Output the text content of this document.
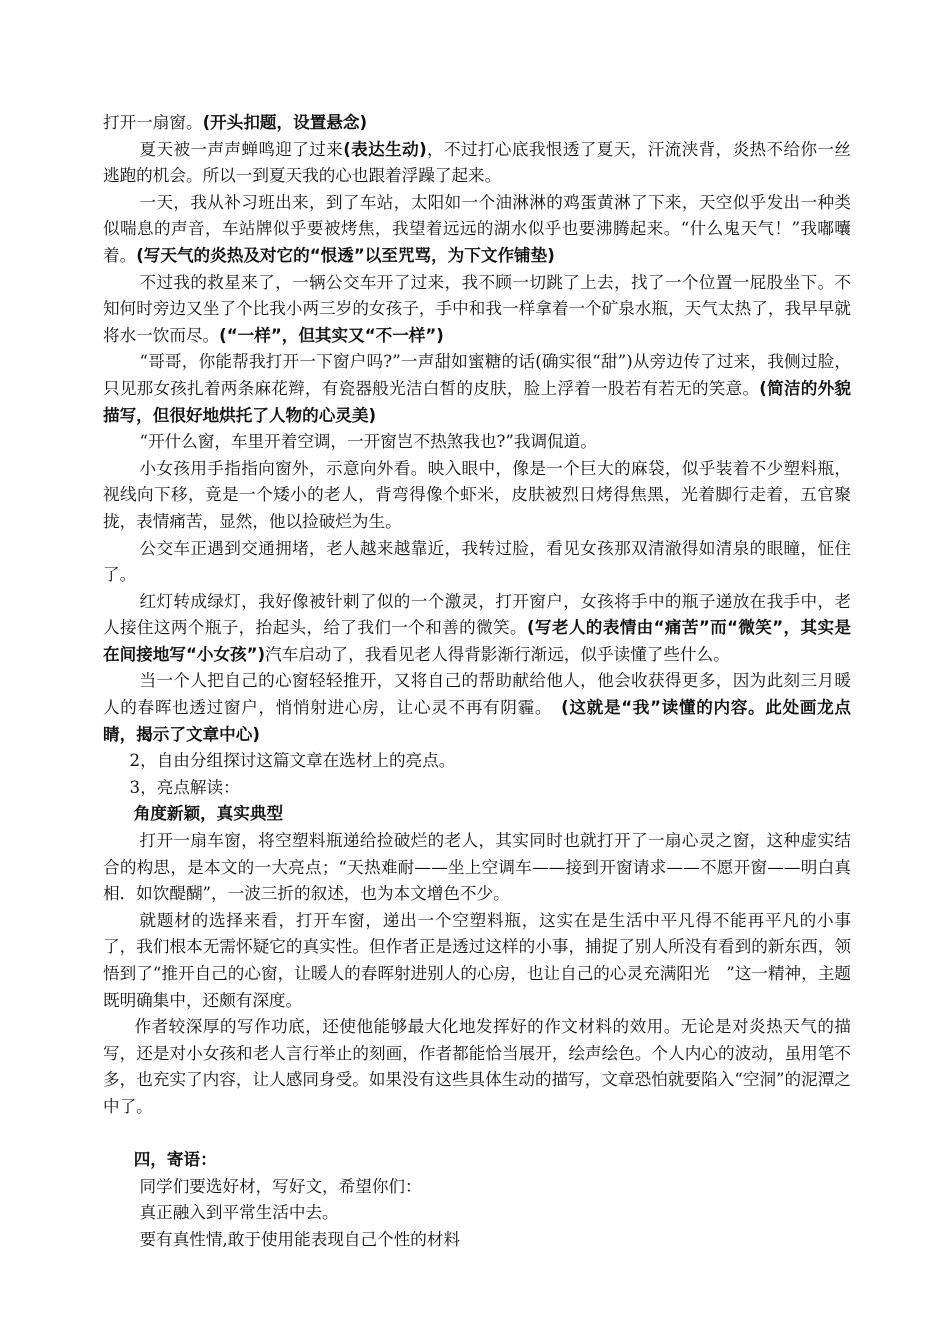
打开一扇窗。(开头扣题，设置悬念)

夏天被一声声蝉鸣迎了过来(表达生动)，不过打心底我恨透了夏天，汗流浃背，炎热不给你一丝逃跑的机会。所以一到夏天我的心也跟着浮躁了起来。

一天，我从补习班出来，到了车站，太阳如一个油淋淋的鸡蛋黄淋了下来，天空似乎发出一种类似喘息的声音，车站牌似乎要被烤焦，我望着远远的湖水似乎也要沸腾起来。“什么鬼天气！”我嘟囔着。(写天气的炎热及对它的“恨透”以至咒骂，为下文作铺垫)

不过我的救星来了，一辆公交车开了过来，我不顾一切跳了上去，找了一个位置一屁股坐下。不知何时旁边又坐了个比我小两三岁的女孩子，手中和我一样拿着一个矿泉水瓶，天气太热了，我早早就将水一饮而尽。(“一样”，但其实又“不一样”)

“哥哥，你能帮我打开一下窗户吗?”一声甜如蜜糖的话(确实很“甜”)从旁边传了过来，我侧过脸，只见那女孩扎着两条麻花辫，有瓷器般光洁白皙的皮肤，脸上浮着一股若有若无的笑意。(简洁的外貌描写，但很好地烘托了人物的心灵美)

“开什么窗，车里开着空调，一开窗岂不热煞我也?”我调侃道。

小女孩用手指指向窗外，示意向外看。映入眼中，像是一个巨大的麻袋，似乎装着不少塑料瓶，视线向下移，竟是一个矮小的老人，背弯得像个虾米，皮肤被烈日烤得焦黑，光着脚行走着，五官聚拢，表情痛苦，显然，他以捡破烂为生。

公交车正遇到交通拥堵，老人越来越靠近，我转过脸，看见女孩那双清澈得如清泉的眼瞳，怔住了。

红灯转成绿灯，我好像被针刺了似的一个激灵，打开窗户，女孩将手中的瓶子递放在我手中，老人接住这两个瓶子，抬起头，给了我们一个和善的微笑。(写老人的表情由“痛苦”而“微笑”，其实是在间接地写“小女孩”)汽车启动了，我看见老人得背影渐行渐远，似乎读懂了些什么。

当一个人把自己的心窗轻轻推开，又将自己的帮助献给他人，他会收获得更多，因为此刻三月暖人的春晖也透过窗户，悄悄射进心房，让心灵不再有阴霾。　(这就是“我”读懂的内容。此处画龙点睛，揭示了文章中心)

2，自由分组探讨这篇文章在选材上的亮点。

3，亮点解读：

角度新颖，真实典型

打开一扇车窗，将空塑料瓶递给捡破烂的老人，其实同时也就打开了一扇心灵之窗，这种虚实结合的构思，是本文的一大亮点；“天热难耐——坐上空调车——接到开窗请求——不愿开窗——明白真相．如饮醍醐”，一波三折的叙述，也为本文增色不少。

就题材的选择来看，打开车窗，递出一个空塑料瓶，这实在是生活中平凡得不能再平凡的小事了，我们根本无需怀疑它的真实性。但作者正是透过这样的小事，捕捉了别人所没有看到的新东西，领悟到了“推开自己的心窗，让暖人的春晖射进别人的心房，也让自己的心灵充满阳光　”这一精神，主题既明确集中，还颇有深度。

作者较深厚的写作功底，还使他能够最大化地发挥好的作文材料的效用。无论是对炎热天气的描写，还是对小女孩和老人言行举止的刻画，作者都能恰当展开，绘声绘色。个人内心的波动，虽用笔不多，也充实了内容，让人感同身受。如果没有这些具体生动的描写，文章恐怕就要陷入“空洞”的泥潭之中了。

四，寄语：

同学们要选好材，写好文，希望你们：

真正融入到平常生活中去。

要有真性情,敢于使用能表现自己个性的材料
